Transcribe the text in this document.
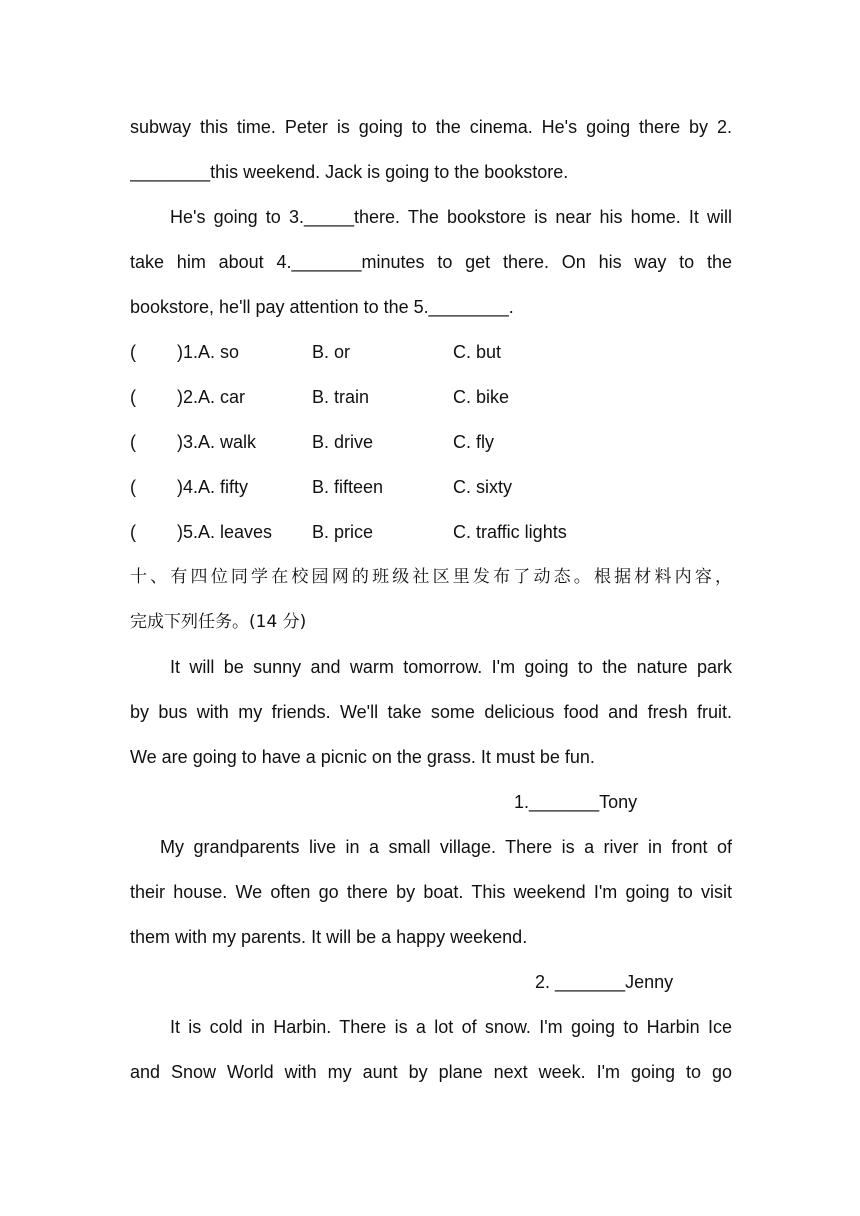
subway this time. Peter is going to the cinema. He's going there by 2.
________this weekend. Jack is going to the bookstore.
He's going to 3._____there. The bookstore is near his home. It will
take him about 4._______minutes to get there. On his way to the
bookstore, he'll pay attention to the 5.________.
( )1.A. so	B. or	C. but
( )2.A. car	B. train	C. bike
( )3.A. walk	B. drive	C. fly
( )4.A. fifty	B. fifteen	C. sixty
( )5.A. leaves B. price	C. traffic lights
十、有四位同学在校园网的班级社区里发布了动态。根据材料内容，
完成下列任务。(14 分)
It will be sunny and warm tomorrow. I'm going to the nature park
by bus with my friends. We'll take some delicious food and fresh fruit.
We are going to have a picnic on the grass. It must be fun.
1._______Tony
My grandparents live in a small village. There is a river in front of
their house. We often go there by boat. This weekend I'm going to visit
them with my parents. It will be a happy weekend.
2. _______Jenny
It is cold in Harbin. There is a lot of snow. I'm going to Harbin Ice
and Snow World with my aunt by plane next week. I'm going to go
